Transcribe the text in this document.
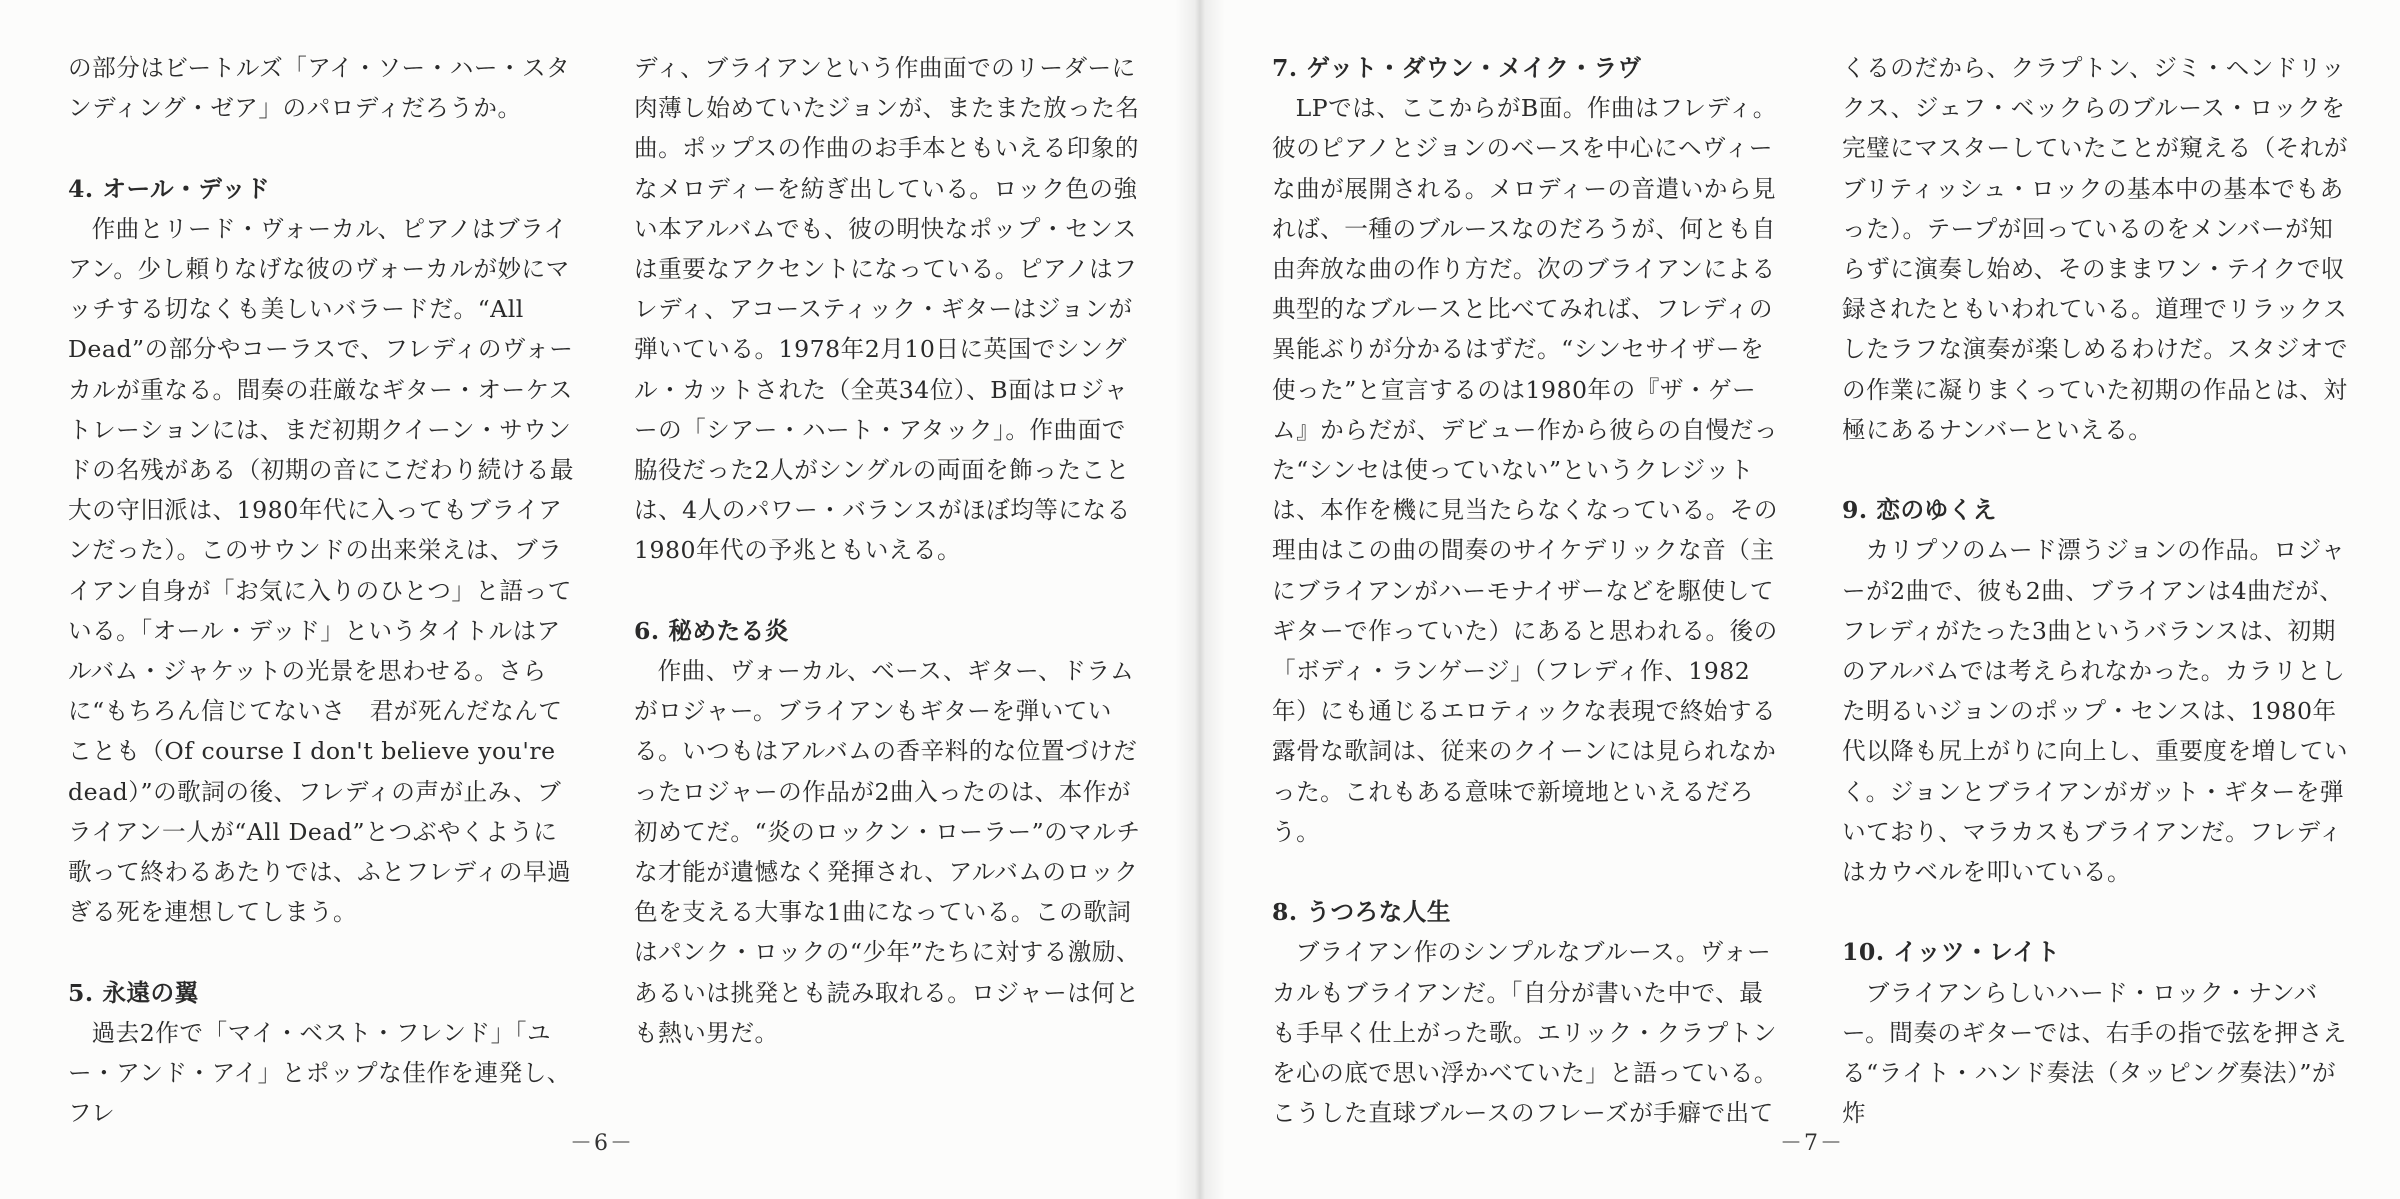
の部分はビートルズ「アイ・ソー・ハー・スタンディング・ゼア」のパロディだろうか。

4. オール・デッド

作曲とリード・ヴォーカル、ピアノはブライアン。少し頼りなげな彼のヴォーカルが妙にマッチする切なくも美しいバラードだ。“All Dead”の部分やコーラスで、フレディのヴォーカルが重なる。間奏の荘厳なギター・オーケストレーションには、まだ初期クイーン・サウンドの名残がある（初期の音にこだわり続ける最大の守旧派は、1980年代に入ってもブライアンだった）。このサウンドの出来栄えは、ブライアン自身が「お気に入りのひとつ」と語っている。「オール・デッド」というタイトルはアルバム・ジャケットの光景を思わせる。さらに“もちろん信じてないさ　君が死んだなんてことも（Of course I don't believe you're dead）”の歌詞の後、フレディの声が止み、ブライアン一人が“All Dead”とつぶやくように歌って終わるあたりでは、ふとフレディの早過ぎる死を連想してしまう。

5. 永遠の翼

過去2作で「マイ・ベスト・フレンド」「ユー・アンド・アイ」とポップな佳作を連発し、フレ

ディ、ブライアンという作曲面でのリーダーに肉薄し始めていたジョンが、またまた放った名曲。ポップスの作曲のお手本ともいえる印象的なメロディーを紡ぎ出している。ロック色の強い本アルバムでも、彼の明快なポップ・センスは重要なアクセントになっている。ピアノはフレディ、アコースティック・ギターはジョンが弾いている。1978年2月10日に英国でシングル・カットされた（全英34位）、B面はロジャーの「シアー・ハート・アタック」。作曲面で脇役だった2人がシングルの両面を飾ったことは、4人のパワー・バランスがほぼ均等になる1980年代の予兆ともいえる。

6. 秘めたる炎

作曲、ヴォーカル、ベース、ギター、ドラムがロジャー。ブライアンもギターを弾いている。いつもはアルバムの香辛料的な位置づけだったロジャーの作品が2曲入ったのは、本作が初めてだ。“炎のロックン・ローラー”のマルチな才能が遺憾なく発揮され、アルバムのロック色を支える大事な1曲になっている。この歌詞はパンク・ロックの“少年”たちに対する激励、あるいは挑発とも読み取れる。ロジャーは何とも熱い男だ。

－6－
7. ゲット・ダウン・メイク・ラヴ

LPでは、ここからがB面。作曲はフレディ。彼のピアノとジョンのベースを中心にヘヴィーな曲が展開される。メロディーの音遣いから見れば、一種のブルースなのだろうが、何とも自由奔放な曲の作り方だ。次のブライアンによる典型的なブルースと比べてみれば、フレディの異能ぶりが分かるはずだ。“シンセサイザーを使った”と宣言するのは1980年の『ザ・ゲーム』からだが、デビュー作から彼らの自慢だった“シンセは使っていない”というクレジットは、本作を機に見当たらなくなっている。その理由はこの曲の間奏のサイケデリックな音（主にブライアンがハーモナイザーなどを駆使してギターで作っていた）にあると思われる。後の「ボディ・ランゲージ」（フレディ作、1982年）にも通じるエロティックな表現で終始する露骨な歌詞は、従来のクイーンには見られなかった。これもある意味で新境地といえるだろう。

8. うつろな人生

ブライアン作のシンプルなブルース。ヴォーカルもブライアンだ。「自分が書いた中で、最も手早く仕上がった歌。エリック・クラプトンを心の底で思い浮かべていた」と語っている。こうした直球ブルースのフレーズが手癖で出て

くるのだから、クラプトン、ジミ・ヘンドリックス、ジェフ・ベックらのブルース・ロックを完璧にマスターしていたことが窺える（それがブリティッシュ・ロックの基本中の基本でもあった）。テープが回っているのをメンバーが知らずに演奏し始め、そのままワン・テイクで収録されたともいわれている。道理でリラックスしたラフな演奏が楽しめるわけだ。スタジオでの作業に凝りまくっていた初期の作品とは、対極にあるナンバーといえる。

9. 恋のゆくえ

カリプソのムード漂うジョンの作品。ロジャーが2曲で、彼も2曲、ブライアンは4曲だが、フレディがたった3曲というバランスは、初期のアルバムでは考えられなかった。カラリとした明るいジョンのポップ・センスは、1980年代以降も尻上がりに向上し、重要度を増していく。ジョンとブライアンがガット・ギターを弾いており、マラカスもブライアンだ。フレディはカウベルを叩いている。

10. イッツ・レイト

ブライアンらしいハード・ロック・ナンバー。間奏のギターでは、右手の指で弦を押さえる“ライト・ハンド奏法（タッピング奏法）”が炸

－7－
